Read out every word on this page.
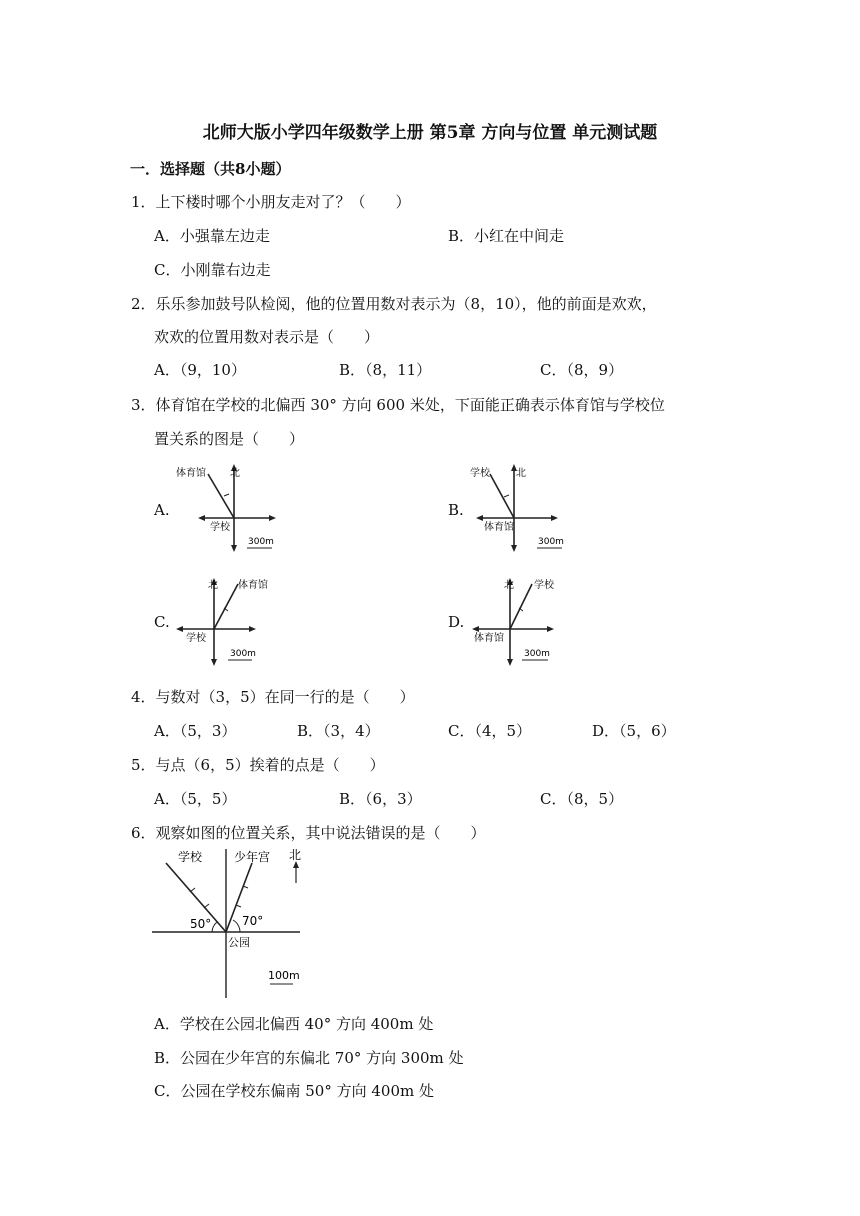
北师大版小学四年级数学上册 第5章 方向与位置 单元测试题
一．选择题（共8小题）
1．上下楼时哪个小朋友走对了？（　　）
A．小强靠左边走	B．小红在中间走
C．小刚靠右边走
2．乐乐参加鼓号队检阅，他的位置用数对表示为（8，10），他的前面是欢欢，
欢欢的位置用数对表示是（　　）
A．（9，10）	B．（8，11）	C．（8，9）
3．体育馆在学校的北偏西 30° 方向 600 米处，下面能正确表示体育馆与学校位
置关系的图是（　　）
A.
体育馆 北
学校
300m
B.
学校	北
体育馆
300m
C.
北 体育馆
学校
300m
D.
北 学校
体育馆
300m
4．与数对（3，5）在同一行的是（　　）
A．（5，3）	B．（3，4）	C．（4，5）	D．（5，6）
5．与点（6，5）挨着的点是（　　）
A．（5，5）	B．（6，3）	C．（8，5）
6．观察如图的位置关系，其中说法错误的是（　　）
学校	少年宫 北
50°	70°
公园
100m
A．学校在公园北偏西 40° 方向 400m 处
B．公园在少年宫的东偏北 70° 方向 300m 处
C．公园在学校东偏南 50° 方向 400m 处
